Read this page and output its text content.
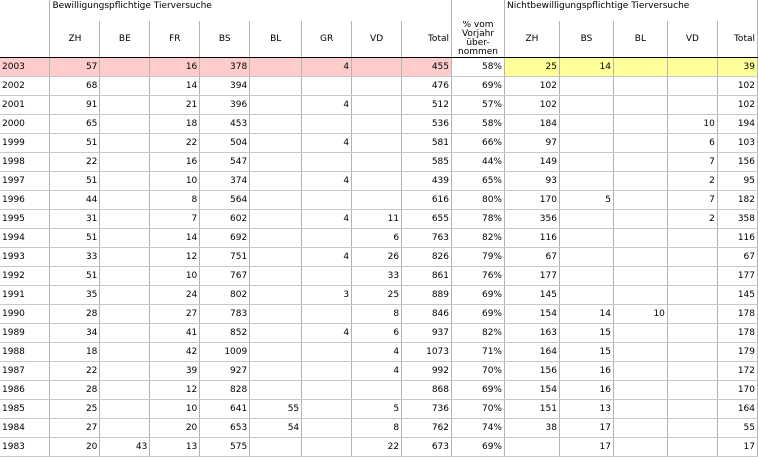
	Bewilligungspflichtige Tierversuche									Nichtbewilligungspflichtige Tierversuche				
	ZH	BE	FR	BS	BL	GR	VD	Total	% vom Vorjahr über- nommen	ZH	BS	BL	VD	Total
2003	57		16	378		4		455	58%	25	14			39
2002	68		14	394				476	69%	102				102
2001	91		21	396		4		512	57%	102				102
2000	65		18	453				536	58%	184			10	194
1999	51		22	504		4		581	66%	97			6	103
1998	22		16	547				585	44%	149			7	156
1997	51		10	374		4		439	65%	93			2	95
1996	44		8	564				616	80%	170	5		7	182
1995	31		7	602		4	11	655	78%	356			2	358
1994	51		14	692			6	763	82%	116				116
1993	33		12	751		4	26	826	79%	67				67
1992	51		10	767			33	861	76%	177				177
1991	35		24	802		3	25	889	69%	145				145
1990	28		27	783			8	846	69%	154	14	10		178
1989	34		41	852		4	6	937	82%	163	15			178
1988	18		42	1009			4	1073	71%	164	15			179
1987	22		39	927			4	992	70%	156	16			172
1986	28		12	828				868	69%	154	16			170
1985	25		10	641	55		5	736	70%	151	13			164
1984	27		20	653	54		8	762	74%	38	17			55
1983	20	43	13	575			22	673	69%		17			17
